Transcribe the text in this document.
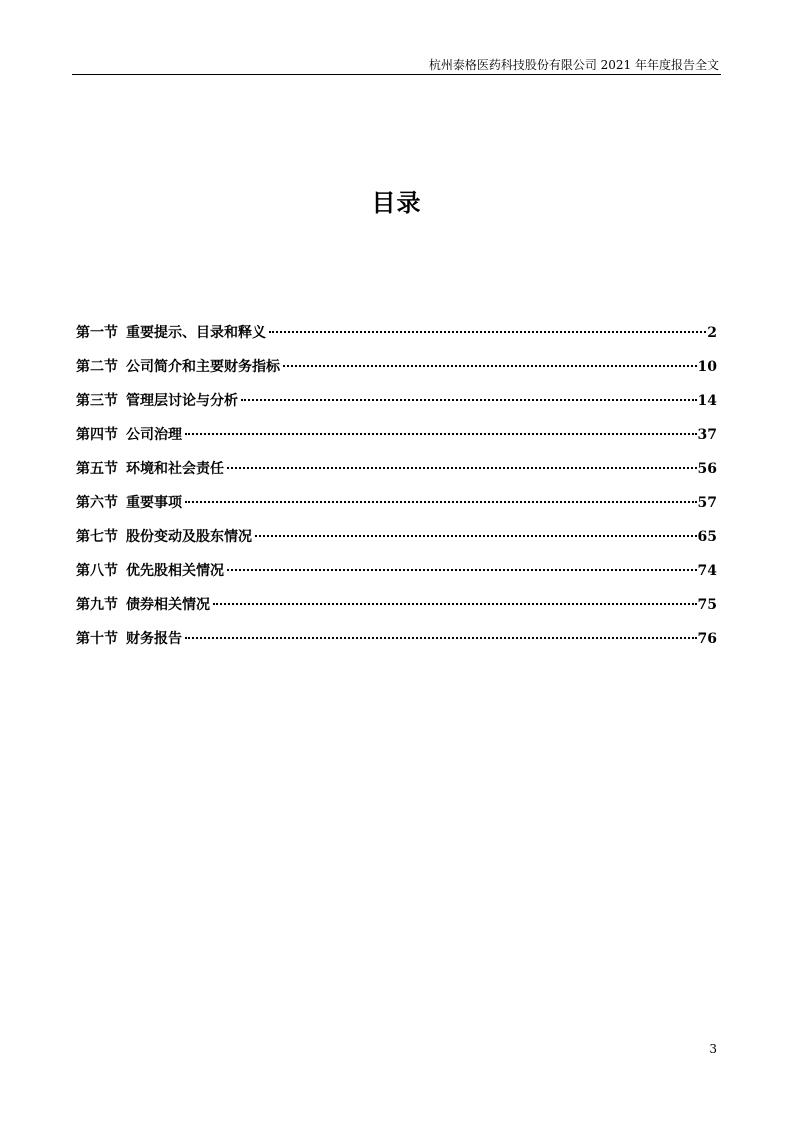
杭州泰格医药科技股份有限公司 2021 年年度报告全文
目录
第一节 重要提示、目录和释义	2
第二节 公司简介和主要财务指标	10
第三节 管理层讨论与分析	14
第四节 公司治理	37
第五节 环境和社会责任	56
第六节 重要事项	57
第七节 股份变动及股东情况	65
第八节 优先股相关情况	74
第九节 债券相关情况	75
第十节 财务报告	76
3
